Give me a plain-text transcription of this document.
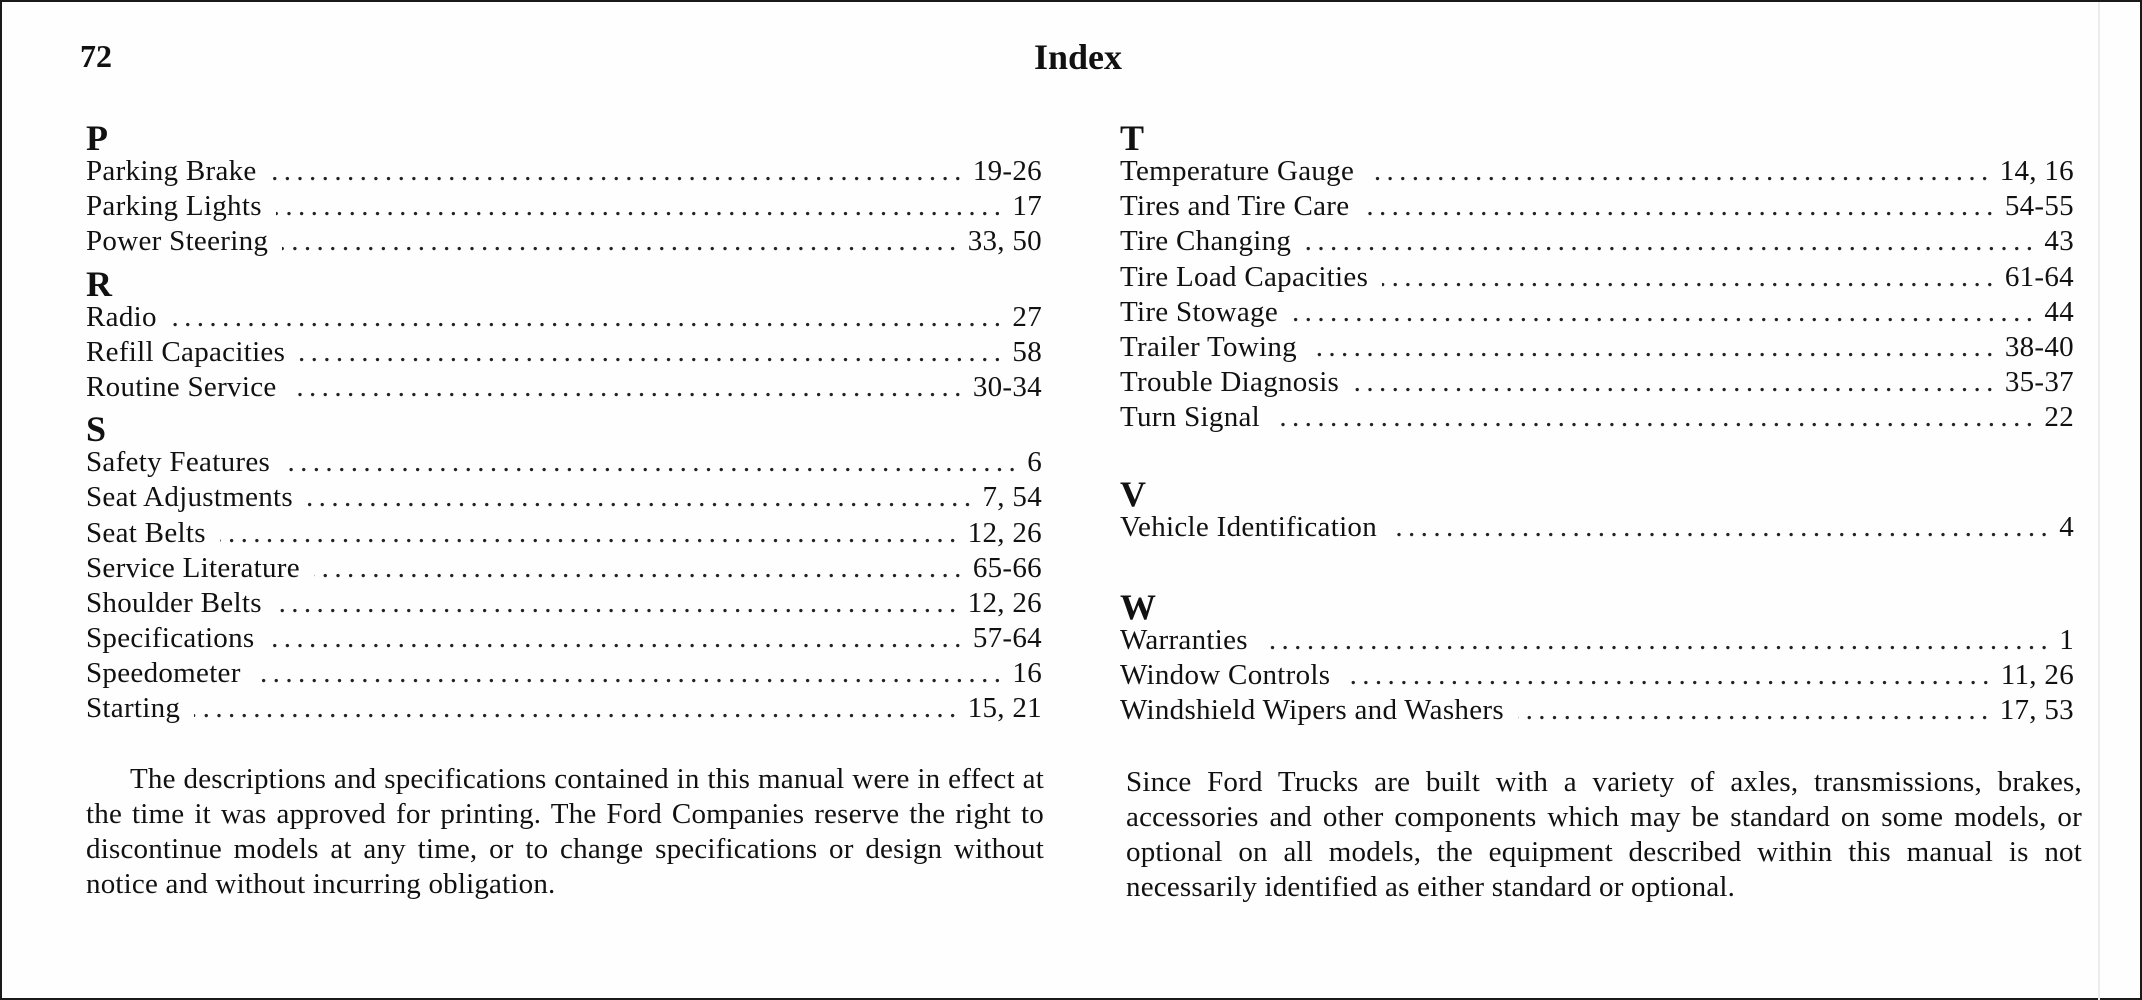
72	Index
P
Parking Brake .....	19-26
Parking Lights .....	17
Power Steering .....	33, 50
R
Radio .....	27
Refill Capacities .....	58
Routine Service .....	30-34
S
Safety Features .....	6
Seat Adjustments .....	7, 54
Seat Belts .....	12, 26
Service Literature .....	65-66
Shoulder Belts .....	12, 26
Specifications .....	57-64
Speedometer .....	16
Starting .....	15, 21
T
Temperature Gauge .....	14, 16
Tires and Tire Care .....	54-55
Tire Changing .....	43
Tire Load Capacities .....	61-64
Tire Stowage .....	44
Trailer Towing .....	38-40
Trouble Diagnosis .....	35-37
Turn Signal .....	22
V
Vehicle Identification .....	4
W
Warranties .....	1
Window Controls .....	11, 26
Windshield Wipers and Washers .....	17, 53

The descriptions and specifications contained in this manual were in effect at the time it was approved for printing. The Ford Companies reserve the right to discontinue models at any time, or to change specifications or design without notice and without incurring obligation.

Since Ford Trucks are built with a variety of axles, transmissions, brakes, accessories and other components which may be standard on some models, or optional on all models, the equipment described within this manual is not necessarily identified as either standard or optional.
